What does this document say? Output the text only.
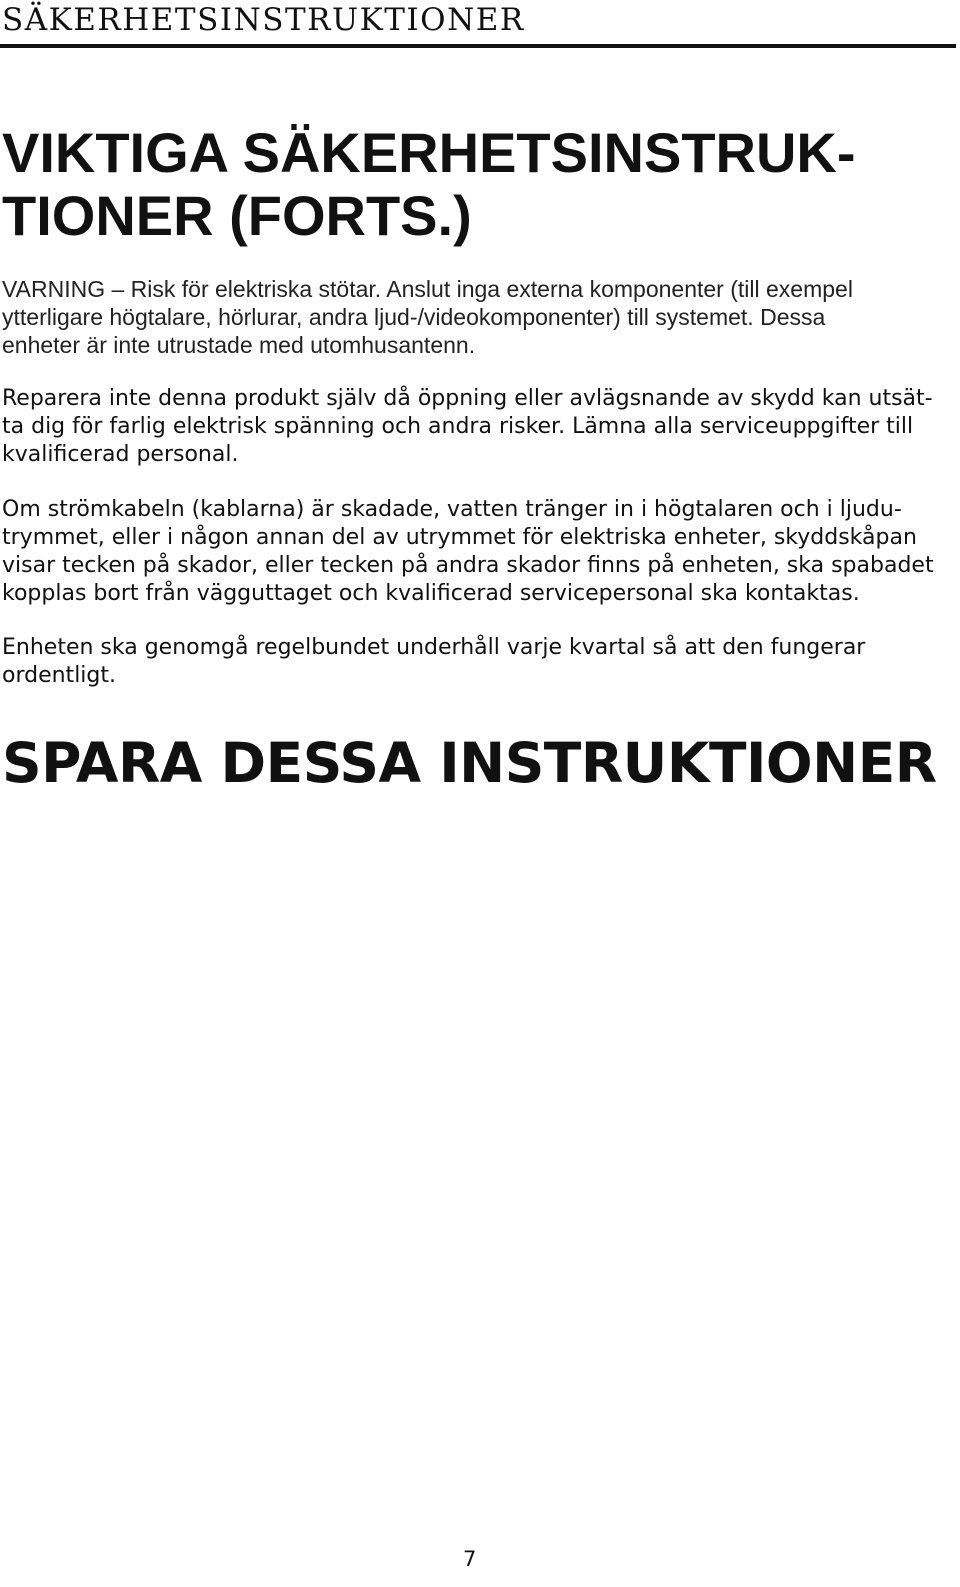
SÄKERHETSINSTRUKTIONER
VIKTIGA SÄKERHETSINSTRUK-
TIONER (FORTS.)
VARNING – Risk för elektriska stötar. Anslut inga externa komponenter (till exempel
ytterligare högtalare, hörlurar, andra ljud-/videokomponenter) till systemet. Dessa
enheter är inte utrustade med utomhusantenn.
Reparera inte denna produkt själv då öppning eller avlägsnande av skydd kan utsät-
ta dig för farlig elektrisk spänning och andra risker. Lämna alla serviceuppgifter till
kvalificerad personal.
Om strömkabeln (kablarna) är skadade, vatten tränger in i högtalaren och i ljudu-
trymmet, eller i någon annan del av utrymmet för elektriska enheter, skyddskåpan
visar tecken på skador, eller tecken på andra skador finns på enheten, ska spabadet
kopplas bort från vägguttaget och kvalificerad servicepersonal ska kontaktas.
Enheten ska genomgå regelbundet underhåll varje kvartal så att den fungerar
ordentligt.
SPARA DESSA INSTRUKTIONER
7
